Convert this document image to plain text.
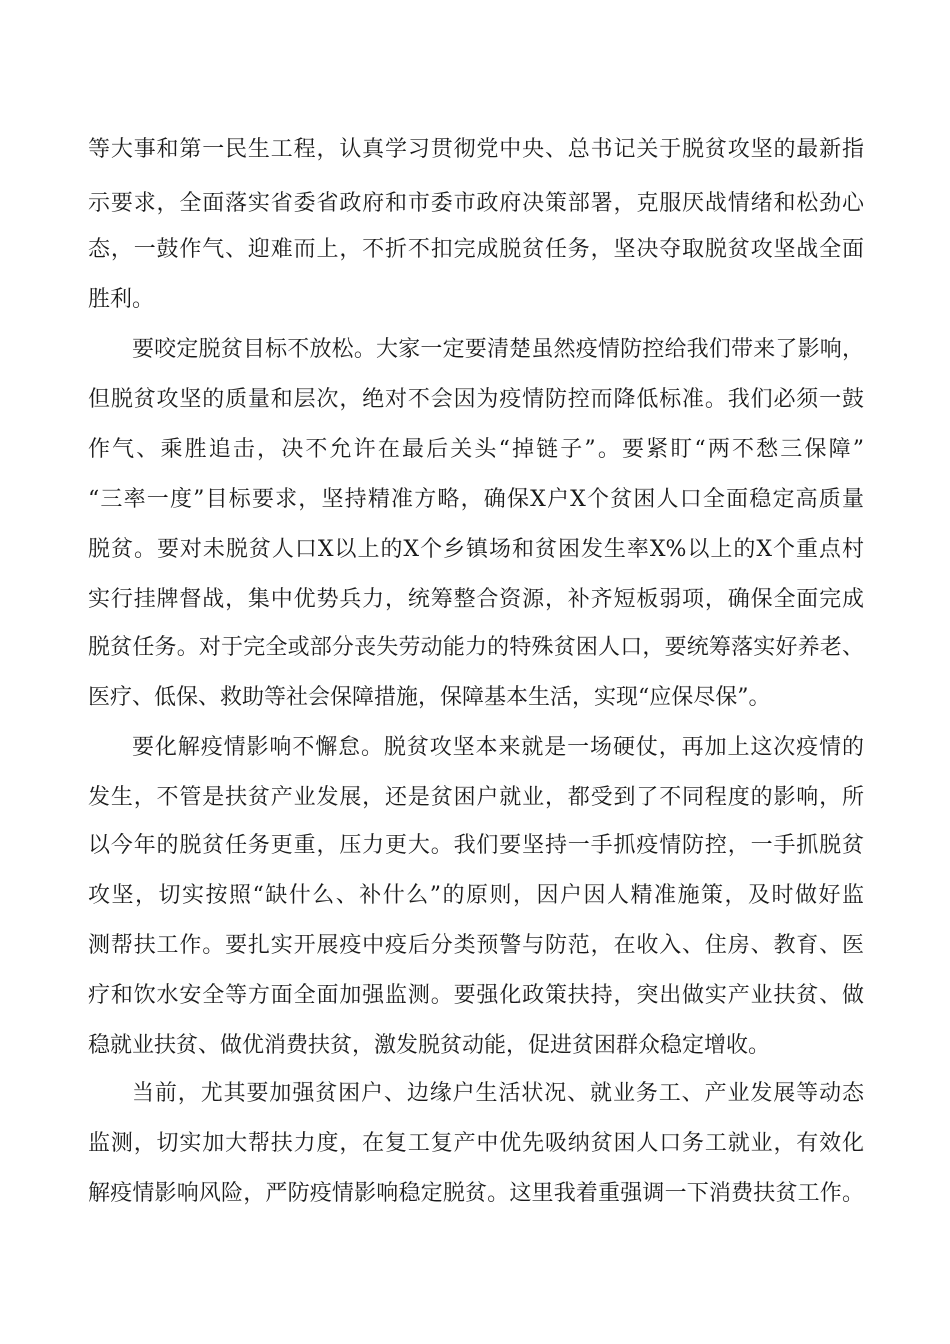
等大事和第一民生工程，认真学习贯彻党中央、总书记关于脱贫攻坚的最新指
示要求，全面落实省委省政府和市委市政府决策部署，克服厌战情绪和松劲心
态，一鼓作气、迎难而上，不折不扣完成脱贫任务，坚决夺取脱贫攻坚战全面
胜利。
要咬定脱贫目标不放松。大家一定要清楚虽然疫情防控给我们带来了影响，
但脱贫攻坚的质量和层次，绝对不会因为疫情防控而降低标准。我们必须一鼓
作气、乘胜追击，决不允许在最后关头“掉链子”。要紧盯“两不愁三保障”
“三率一度”目标要求，坚持精准方略，确保X户X个贫困人口全面稳定高质量
脱贫。要对未脱贫人口X以上的X个乡镇场和贫困发生率X%以上的X个重点村
实行挂牌督战，集中优势兵力，统筹整合资源，补齐短板弱项，确保全面完成
脱贫任务。对于完全或部分丧失劳动能力的特殊贫困人口，要统筹落实好养老、
医疗、低保、救助等社会保障措施，保障基本生活，实现“应保尽保”。
要化解疫情影响不懈怠。脱贫攻坚本来就是一场硬仗，再加上这次疫情的
发生，不管是扶贫产业发展，还是贫困户就业，都受到了不同程度的影响，所
以今年的脱贫任务更重，压力更大。我们要坚持一手抓疫情防控，一手抓脱贫
攻坚，切实按照“缺什么、补什么”的原则，因户因人精准施策，及时做好监
测帮扶工作。要扎实开展疫中疫后分类预警与防范，在收入、住房、教育、医
疗和饮水安全等方面全面加强监测。要强化政策扶持，突出做实产业扶贫、做
稳就业扶贫、做优消费扶贫，激发脱贫动能，促进贫困群众稳定增收。
当前，尤其要加强贫困户、边缘户生活状况、就业务工、产业发展等动态
监测，切实加大帮扶力度，在复工复产中优先吸纳贫困人口务工就业，有效化
解疫情影响风险，严防疫情影响稳定脱贫。这里我着重强调一下消费扶贫工作。
